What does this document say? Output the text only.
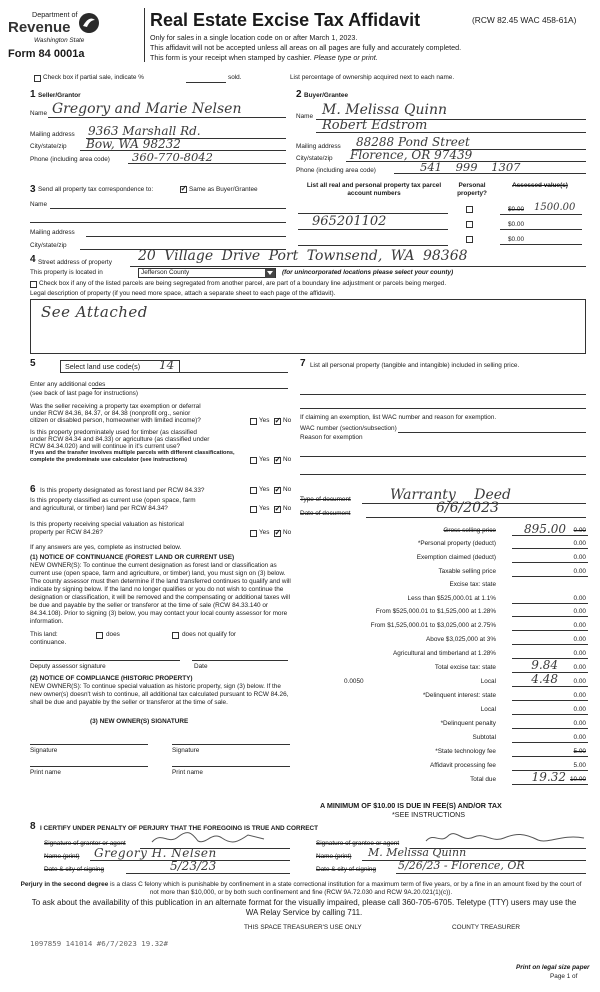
Department of
Revenue
Washington State
Form 84 0001a
Real Estate Excise Tax Affidavit	(RCW 82.45 WAC 458-61A)
Only for sales in a single location code on or after March 1, 2023.
This affidavit will not be accepted unless all areas on all pages are fully and accurately completed.
This form is your receipt when stamped by cashier. Please type or print.
Check box if partial sale, indicate %	sold.	List percentage of ownership acquired next to each name.
1 Seller/Grantor
Name Gregory and Marie Nelsen
Mailing address 9363 Marshall Rd.
City/state/zip Bow, WA 98232
Phone (including area code) 360-770-8042
2 Buyer/Grantee
Name M. Melissa Quinn
Robert Edstrom
Mailing address 88288 Pond Street
City/state/zip Florence, OR 97439
Phone (including area code)	541 999 1307
3 Send all property tax correspondence to: ✓	Same as Buyer/Grantee
Name
Mailing address
City/state/zip
List all real and personal property tax parcel account numbers
Personal property?
Assessed value(s)
965201102
$0.00 1500.00
$0.00
$0.00
4 Street address of property 20 Village Drive Port Townsend, WA 98368
This property is located in	Jefferson County	(for unincorporated locations please select your county)
Check box if any of the listed parcels are being segregated from another parcel, are part of a boundary line adjustment or parcels being merged.
Legal description of property (if you need more space, attach a separate sheet to each page of the affidavit).
See Attached
5	Select land use code(s) 14
Enter any additional codes
(see back of last page for instructions)
Was the seller receiving a property tax exemption or deferral
under RCW 84.36, 84.37, or 84.38 (nonprofit org., senior
citizen or disabled person, homeowner with limited income)?	Yes ✓ No
Is this property predominately used for timber (as classified
under RCW 84.34 and 84.33) or agriculture (as classified under
RCW 84.34.020) and will continue in it's current use?
If yes and the transfer involves multiple parcels with different classifications, complete the predominate use calculator (see instructions)	Yes ✓ No
6 Is this property designated as forest land per RCW 84.33?	Yes ✓ No
Is this property classified as current use (open space, farm
and agricultural, or timber) land per RCW 84.34?	Yes ✓ No
Is this property receiving special valuation as historical
property per RCW 84.26?	Yes ✓ No
If any answers are yes, complete as instructed below.
(1) NOTICE OF CONTINUANCE (FOREST LAND OR CURRENT USE)
NEW OWNER(S): To continue the current designation as forest land or classification as current use (open space, farm and agriculture, or timber) land, you must sign on (3) below. The county assessor must then determine if the land transferred continues to qualify and will indicate by signing below. If the land no longer qualifies or you do not wish to continue the designation or classification, it will be removed and the compensating or additional taxes will be due and payable by the seller or transferor at the time of sale (RCW 84.33.140 or 84.34.108). Prior to signing (3) below, you may contact your local county assessor for more information.
This land:	does	does not qualify for
continuance.
Deputy assessor signature	Date
(2) NOTICE OF COMPLIANCE (HISTORIC PROPERTY)
NEW OWNER(S): To continue special valuation as historic property, sign (3) below. If the new owner(s) doesn't wish to continue, all additional tax calculated pursuant to RCW 84.26, shall be due and payable by the seller or transferor at the time of sale.
(3) NEW OWNER(S) SIGNATURE
Signature	Signature
Print name	Print name
7 List all personal property (tangible and intangible) included in selling price.
If claiming an exemption, list WAC number and reason for exemption.
WAC number (section/subsection)
Reason for exemption
Type of document	Warranty Deed
Date of document	6/6/2023
Gross selling price 895.00 0.00
*Personal property (deduct)	0.00
Exemption claimed (deduct)	0.00
Taxable selling price	0.00
Excise tax: state
Less than $525,000.01 at 1.1%	0.00
From $525,000.01 to $1,525,000 at 1.28%	0.00
From $1,525,000.01 to $3,025,000 at 2.75%	0.00
Above $3,025,000 at 3%	0.00
Agricultural and timberland at 1.28%	0.00
Total excise tax: state	9.84 0.00
0.0050	Local	4.48 0.00
*Delinquent interest: state	0.00
Local	0.00
*Delinquent penalty	0.00
Subtotal	0.00
*State technology fee	5.00
Affidavit processing fee	5.00
Total due	19.32 10.00
A MINIMUM OF $10.00 IS DUE IN FEE(S) AND/OR TAX
*SEE INSTRUCTIONS
8 I CERTIFY UNDER PENALTY OF PERJURY THAT THE FOREGOING IS TRUE AND CORRECT
Signature of grantor or agent
Name (print) Gregory H. Nelsen
Date & city of signing	5/23/23
Signature of grantee or agent
Name (print) M. Melissa Quinn
Date & city of signing 5/26/23 - Florence, OR
Perjury in the second degree is a class C felony which is punishable by confinement in a state correctional institution for a maximum term of five years, or by a fine in an amount fixed by the court of not more than $10,000, or by both such confinement and fine (RCW 9A.72.030 and RCW 9A.20.021(1)(c)).
To ask about the availability of this publication in an alternate format for the visually impaired, please call 360-705-6705. Teletype (TTY) users may use the WA Relay Service by calling 711.
THIS SPACE TREASURER'S USE ONLY	COUNTY TREASURER
1097859 141014 #6/7/2023 19.32#
Print on legal size paper
Page 1 of
